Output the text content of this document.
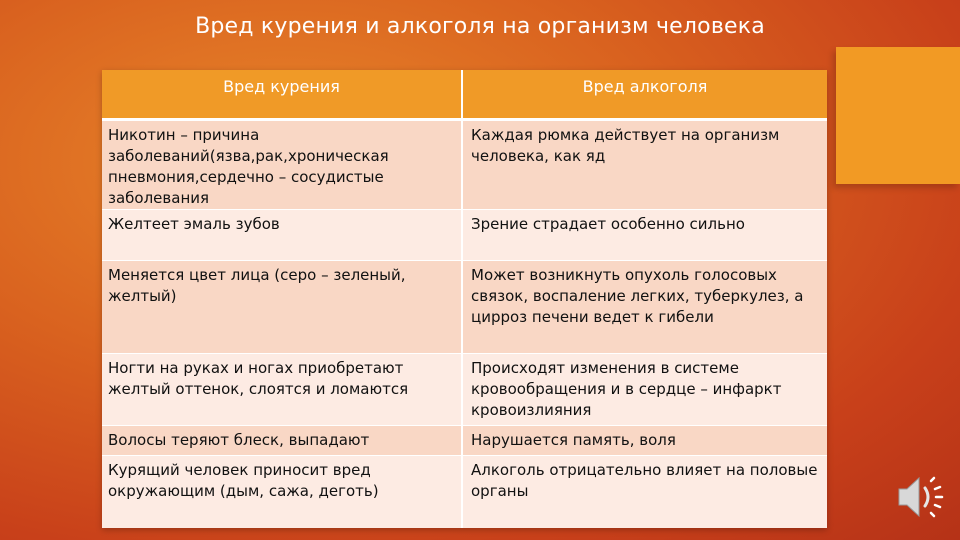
Вред курения и алкоголя на организм человека
Вред курения	Вред алкоголя
Никотин – причина заболеваний(язва,рак,хроническая пневмония,сердечно – сосудистые заболевания	Каждая рюмка действует на организм человека, как яд
Желтеет эмаль зубов	Зрение страдает особенно сильно
Меняется цвет лица (серо – зеленый, желтый)	Может возникнуть опухоль голосовых связок, воспаление легких, туберкулез, а цирроз печени ведет к гибели
Ногти на руках и ногах приобретают желтый оттенок, слоятся и ломаются	Происходят изменения в системе кровообращения и в сердце – инфаркт кровоизлияния
Волосы теряют блеск, выпадают	Нарушается память, воля
Курящий человек приносит вред окружающим (дым, сажа, деготь)	Алкоголь отрицательно влияет на половые органы
